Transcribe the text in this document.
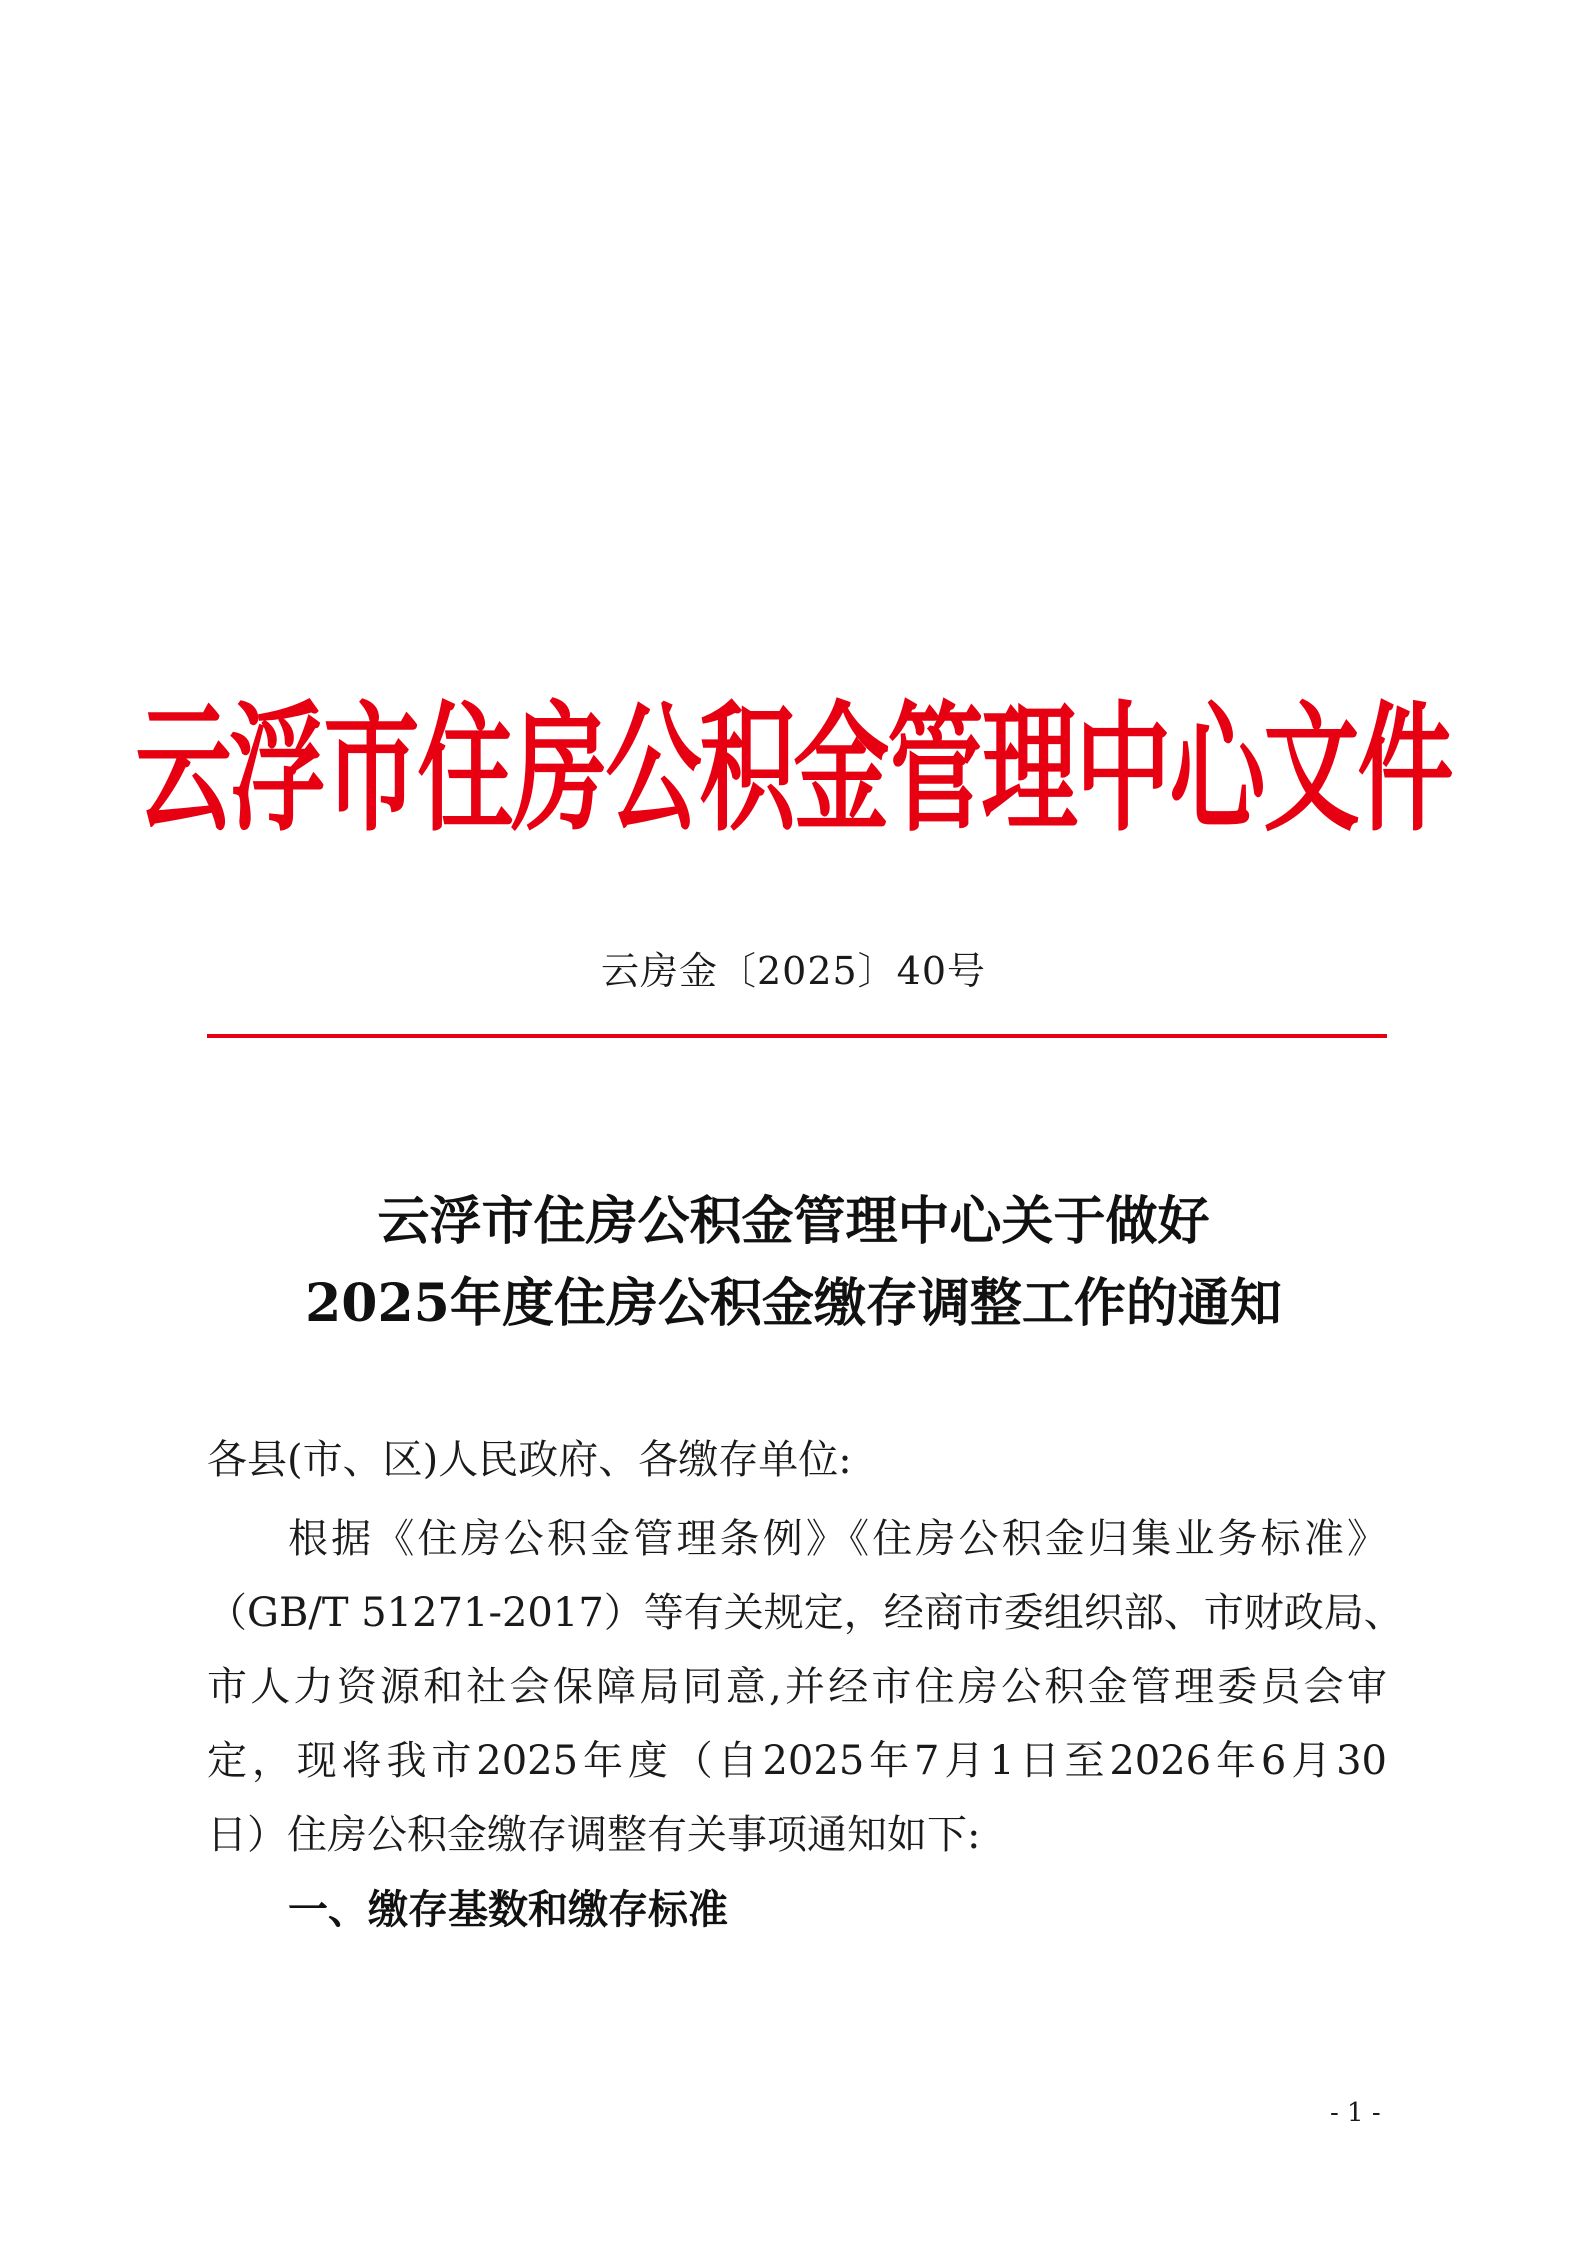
云浮市住房公积金管理中心文件
云房金〔2025〕40号
云浮市住房公积金管理中心关于做好
2025年度住房公积金缴存调整工作的通知
各县(市、区)人民政府、各缴存单位:
根据《住房公积金管理条例》《住房公积金归集业务标准》
（GB/T 51271-2017）等有关规定，经商市委组织部、市财政局、
市人力资源和社会保障局同意,并经市住房公积金管理委员会审
定，现将我市2025年度（自2025年7月1日至2026年6月30
日）住房公积金缴存调整有关事项通知如下:
一、缴存基数和缴存标准
- 1 -
